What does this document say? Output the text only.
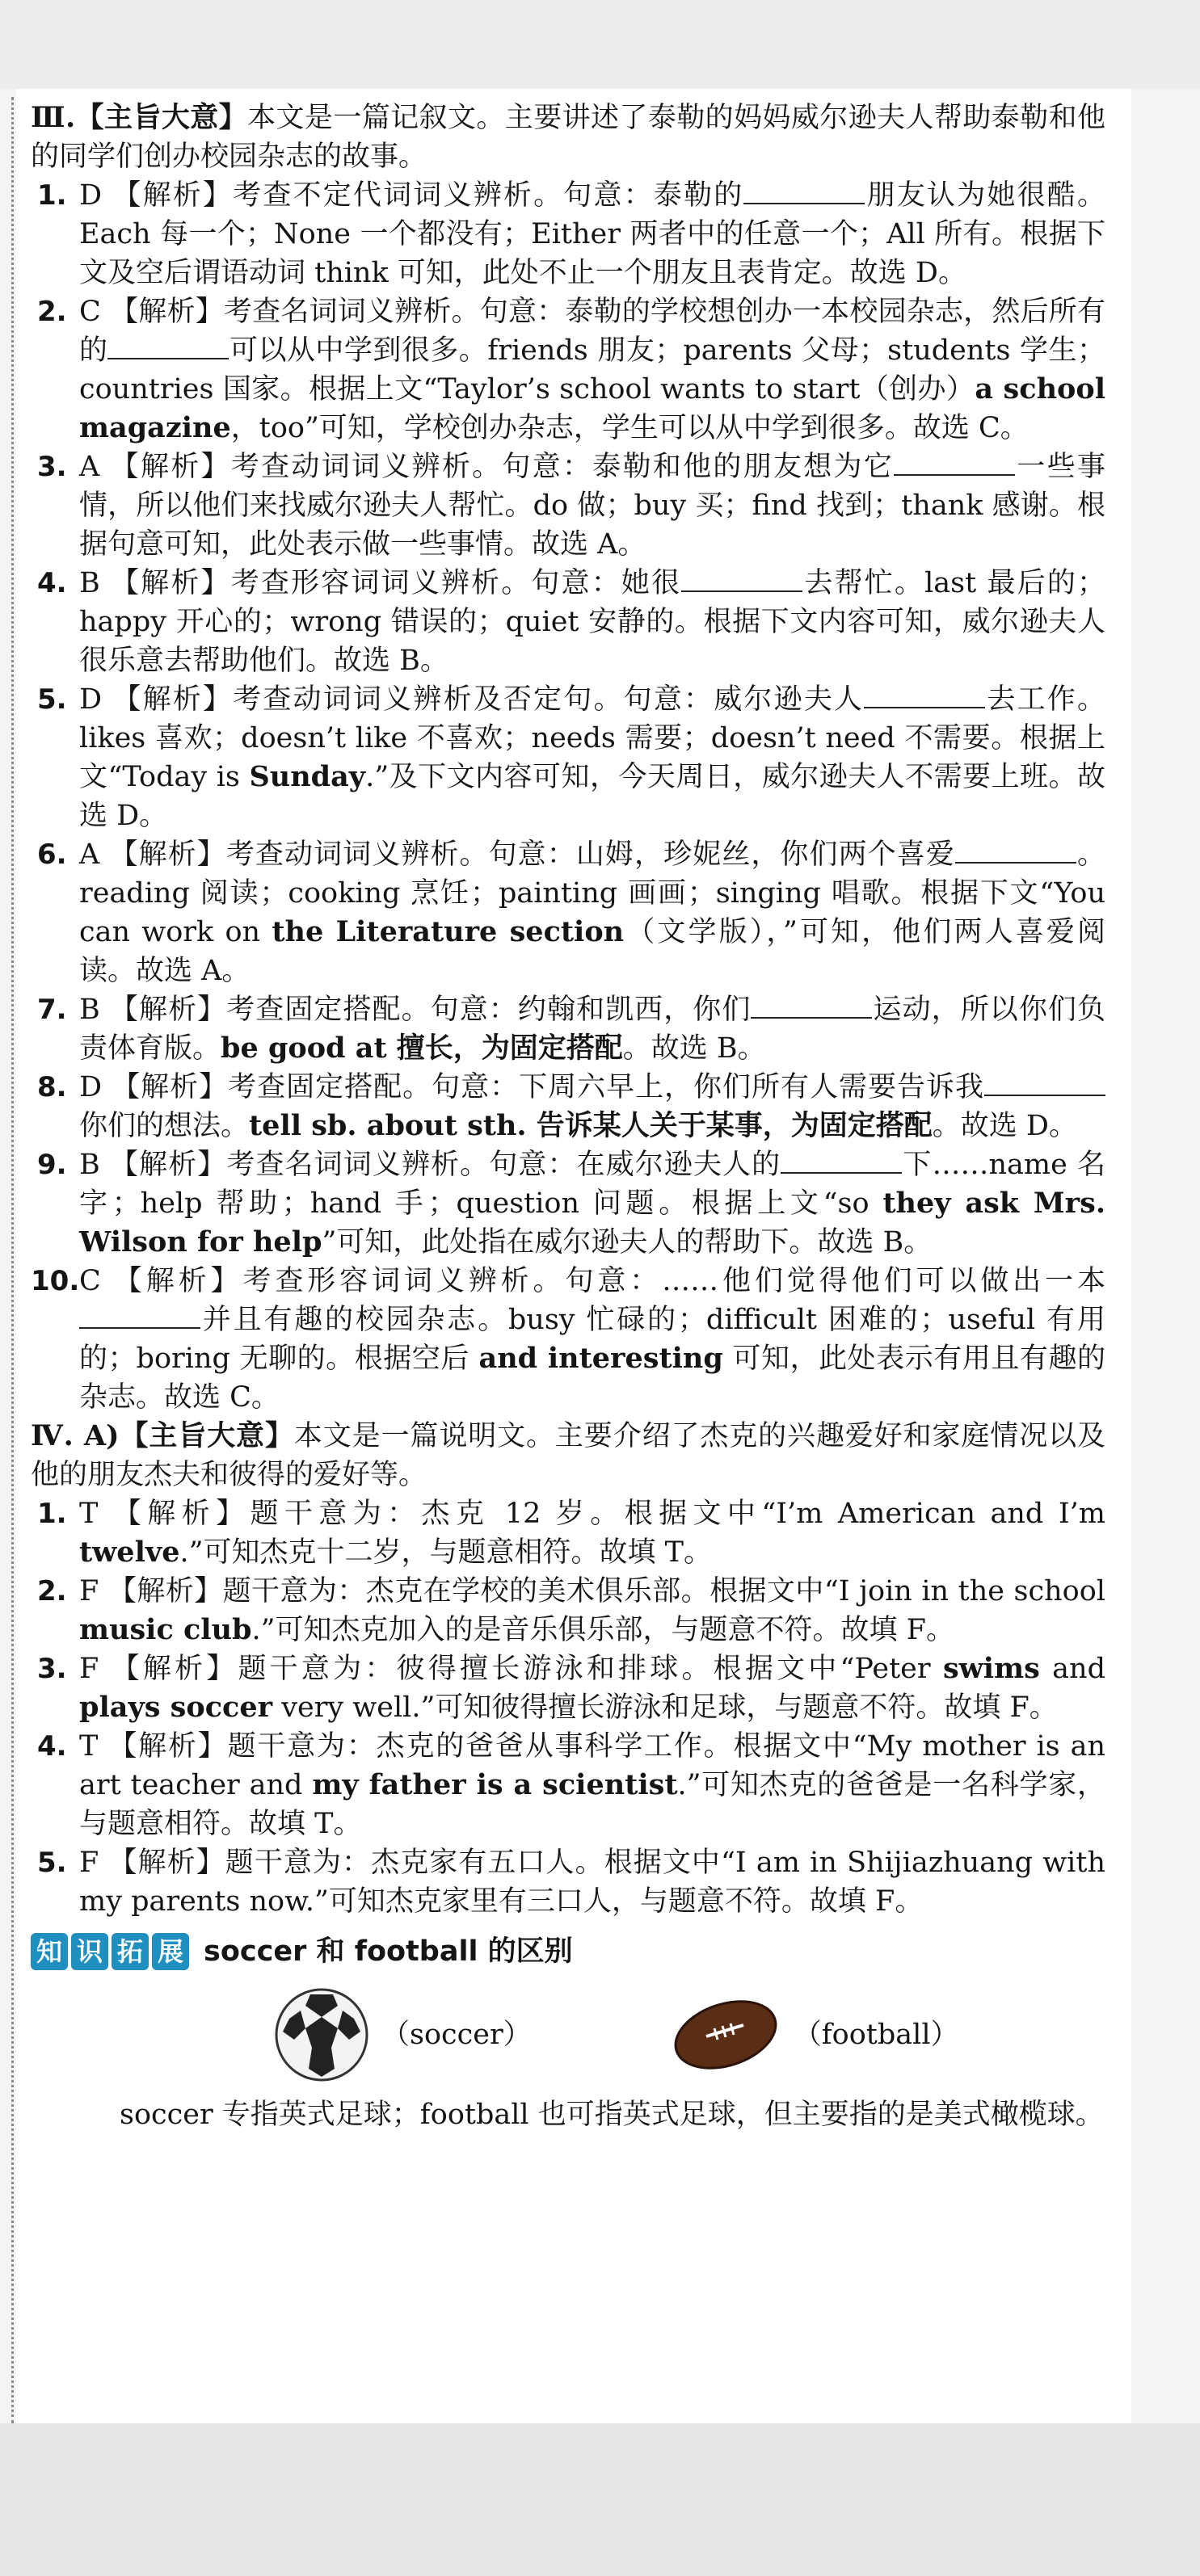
Ⅲ.【主旨大意】本文是一篇记叙文。主要讲述了泰勒的妈妈威尔逊夫人帮助泰勒和他的同学们创办校园杂志的故事。

1. D 【解析】考查不定代词词义辨析。句意：泰勒的	朋友认为她很酷。Each 每一个；None 一个都没有；Either 两者中的任意一个；All 所有。根据下文及空后谓语动词 think 可知，此处不止一个朋友且表肯定。故选 D。

2. C 【解析】考查名词词义辨析。句意：泰勒的学校想创办一本校园杂志，然后所有的	可以从中学到很多。friends 朋友；parents 父母；students 学生；countries 国家。根据上文“Taylor’s school wants to start（创办）a school magazine，too”可知，学校创办杂志，学生可以从中学到很多。故选 C。

3. A 【解析】考查动词词义辨析。句意：泰勒和他的朋友想为它	一些事情，所以他们来找威尔逊夫人帮忙。do 做；buy 买；find 找到；thank 感谢。根据句意可知，此处表示做一些事情。故选 A。

4. B 【解析】考查形容词词义辨析。句意：她很	去帮忙。last 最后的；happy 开心的；wrong 错误的；quiet 安静的。根据下文内容可知，威尔逊夫人很乐意去帮助他们。故选 B。

5. D 【解析】考查动词词义辨析及否定句。句意：威尔逊夫人	去工作。likes 喜欢；doesn’t like 不喜欢；needs 需要；doesn’t need 不需要。根据上文“Today is Sunday.”及下文内容可知，今天周日，威尔逊夫人不需要上班。故选 D。

6. A 【解析】考查动词词义辨析。句意：山姆，珍妮丝，你们两个喜爱	。reading 阅读；cooking 烹饪；painting 画画；singing 唱歌。根据下文“You can work on the Literature section（文学版），”可知，他们两人喜爱阅读。故选 A。

7. B 【解析】考查固定搭配。句意：约翰和凯西，你们	运动，所以你们负责体育版。be good at 擅长，为固定搭配。故选 B。

8. D 【解析】考查固定搭配。句意：下周六早上，你们所有人需要告诉我你们的想法。tell sb. about sth. 告诉某人关于某事，为固定搭配。故选 D。

9. B 【解析】考查名词词义辨析。句意：在威尔逊夫人的	下……name 名字；help 帮助；hand 手；question 问题。根据上文“so they ask Mrs. Wilson for help”可知，此处指在威尔逊夫人的帮助下。故选 B。

10. C 【解析】考查形容词词义辨析。句意：……他们觉得他们可以做出一本并且有趣的校园杂志。busy 忙碌的；difficult 困难的；useful 有用的；boring 无聊的。根据空后 and interesting 可知，此处表示有用且有趣的杂志。故选 C。

Ⅳ. A)【主旨大意】本文是一篇说明文。主要介绍了杰克的兴趣爱好和家庭情况以及他的朋友杰夫和彼得的爱好等。

1. T 【解析】题干意为：杰克 12 岁。根据文中“I’m American and I’m twelve.”可知杰克十二岁，与题意相符。故填 T。

2. F 【解析】题干意为：杰克在学校的美术俱乐部。根据文中“I join in the school music club.”可知杰克加入的是音乐俱乐部，与题意不符。故填 F。

3. F 【解析】题干意为：彼得擅长游泳和排球。根据文中“Peter swims and plays soccer very well.”可知彼得擅长游泳和足球，与题意不符。故填 F。

4. T 【解析】题干意为：杰克的爸爸从事科学工作。根据文中“My mother is an art teacher and my father is a scientist.”可知杰克的爸爸是一名科学家，与题意相符。故填 T。

5. F 【解析】题干意为：杰克家有五口人。根据文中“I am in Shijiazhuang with my parents now.”可知杰克家里有三口人，与题意不符。故填 F。

知 识 拓 展 soccer 和 football 的区别
（soccer）	（football）

soccer 专指英式足球；football 也可指英式足球，但主要指的是美式橄榄球。
